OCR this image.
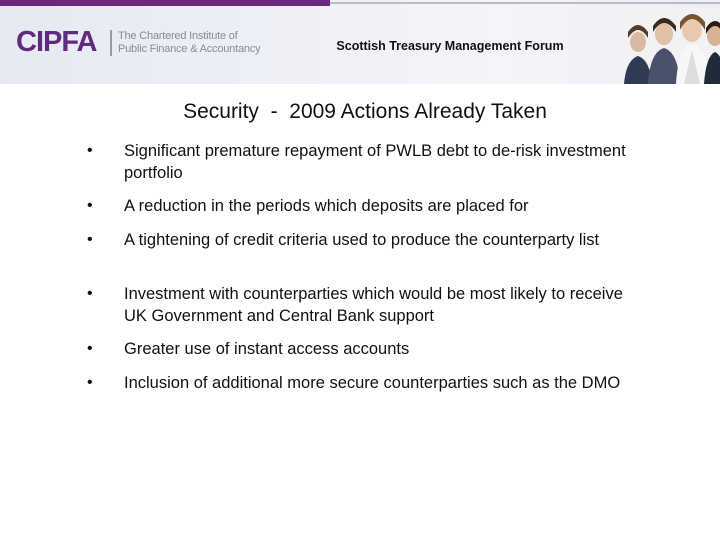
CIPFA The Chartered Institute of
Public Finance & Accountancy	Scottish Treasury Management Forum
Security  -  2009 Actions Already Taken
• Significant premature repayment of PWLB debt to de-risk investment portfolio
• A reduction in the periods which deposits are placed for
• A tightening of credit criteria used to produce the counterparty list
• Investment with counterparties which would be most likely to receive UK Government and Central Bank support
• Greater use of instant access accounts
• Inclusion of additional more secure counterparties such as the DMO
